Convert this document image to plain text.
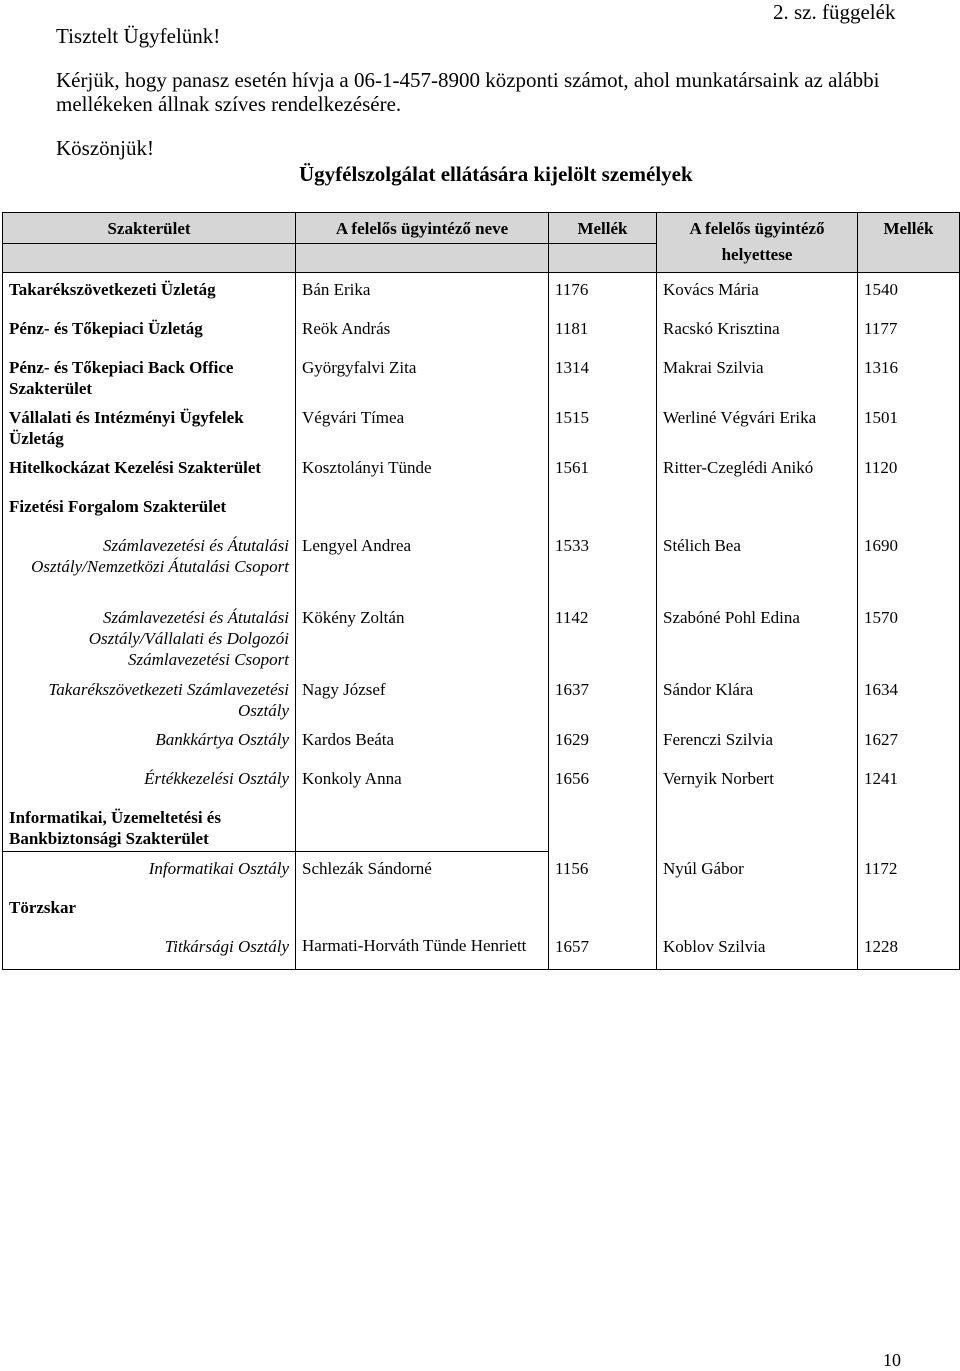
Tisztelt Ügyfelünk!
2. sz. függelék
Kérjük, hogy panasz esetén hívja a 06-1-457-8900 központi számot, ahol munkatársaink az alábbi mellékeken állnak szíves rendelkezésére.
Köszönjük!
Ügyfélszolgálat ellátására kijelölt személyek
Szakterület	A felelős ügyintéző neve	Mellék	A felelős ügyintéző	Mellék
			helyettese	
Takarékszövetkezeti Üzletág	Bán Erika	1176	Kovács Mária	1540
Pénz- és Tőkepiaci Üzletág	Reök András	1181	Racskó Krisztina	1177
Pénz- és Tőkepiaci Back Office Szakterület	Györgyfalvi Zita	1314	Makrai Szilvia	1316
Vállalati és Intézményi Ügyfelek Üzletág	Végvári Tímea	1515	Werliné Végvári Erika	1501
Hitelkockázat Kezelési Szakterület	Kosztolányi Tünde	1561	Ritter-Czeglédi Anikó	1120
Fizetési Forgalom Szakterület				
Számlavezetési és Átutalási Osztály/Nemzetközi Átutalási Csoport	Lengyel Andrea	1533	Stélich Bea	1690
Számlavezetési és Átutalási Osztály/Vállalati és Dolgozói Számlavezetési Csoport	Kökény Zoltán	1142	Szabóné Pohl Edina	1570
Takarékszövetkezeti Számlavezetési Osztály	Nagy József	1637	Sándor Klára	1634
Bankkártya Osztály	Kardos Beáta	1629	Ferenczi Szilvia	1627
Értékkezelési Osztály	Konkoly Anna	1656	Vernyik Norbert	1241
Informatikai, Üzemeltetési és Bankbiztonsági Szakterület				
Informatikai Osztály	Schlezák Sándorné	1156	Nyúl Gábor	1172
Törzskar				
Titkársági Osztály	Harmati-Horváth Tünde Henriett	1657	Koblov Szilvia	1228
10
